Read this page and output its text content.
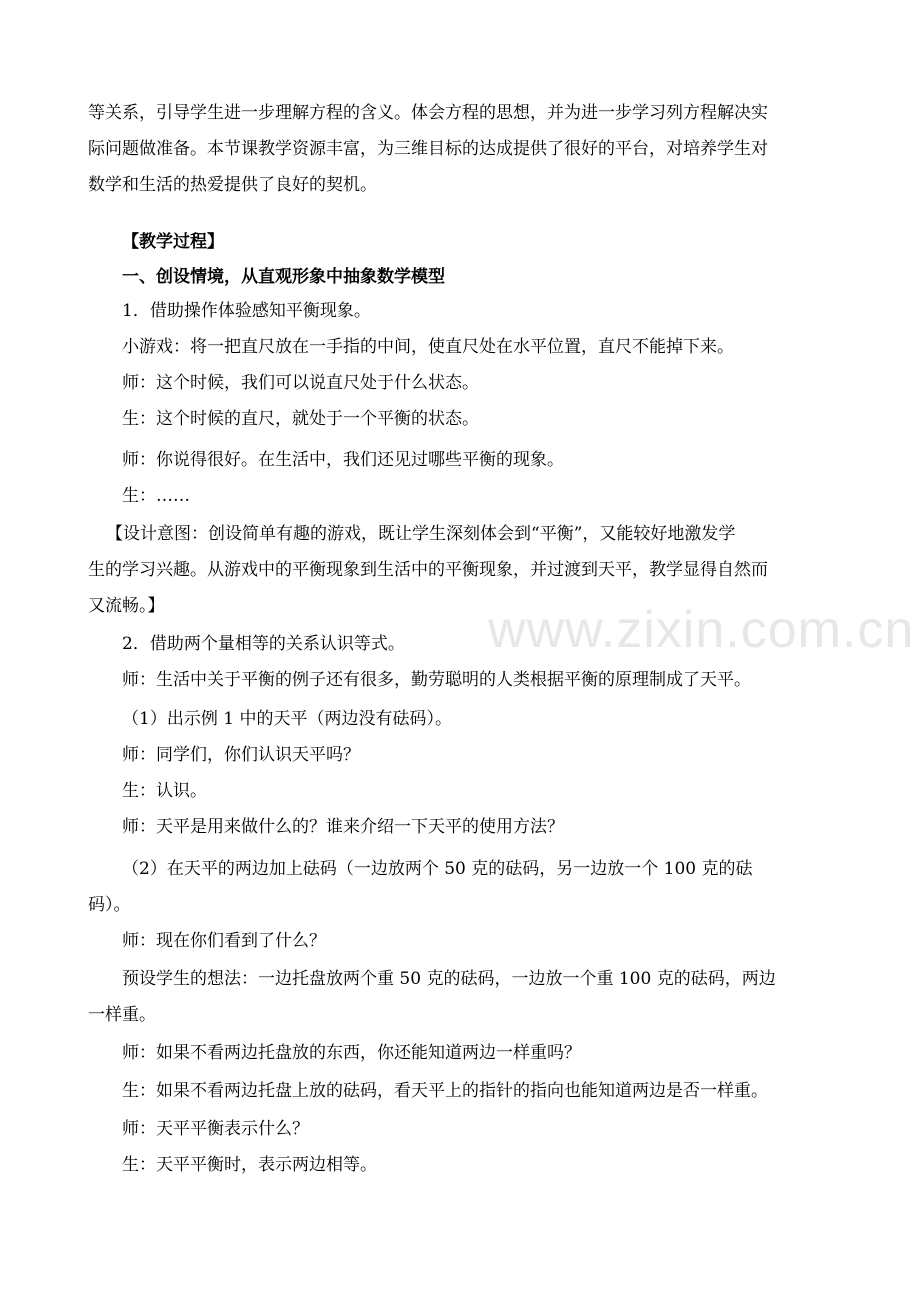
等关系，引导学生进一步理解方程的含义。体会方程的思想，并为进一步学习列方程解决实
际问题做准备。本节课教学资源丰富，为三维目标的达成提供了很好的平台，对培养学生对
数学和生活的热爱提供了良好的契机。
【教学过程】
一、创设情境，从直观形象中抽象数学模型
1．借助操作体验感知平衡现象。
小游戏：将一把直尺放在一手指的中间，使直尺处在水平位置，直尺不能掉下来。
师：这个时候，我们可以说直尺处于什么状态。
生：这个时候的直尺，就处于一个平衡的状态。
师：你说得很好。在生活中，我们还见过哪些平衡的现象。
生：……
【设计意图：创设简单有趣的游戏，既让学生深刻体会到“平衡”，又能较好地激发学
生的学习兴趣。从游戏中的平衡现象到生活中的平衡现象，并过渡到天平，教学显得自然而
又流畅。】
2．借助两个量相等的关系认识等式。
师：生活中关于平衡的例子还有很多，勤劳聪明的人类根据平衡的原理制成了天平。
（1）出示例 1 中的天平（两边没有砝码）。
师：同学们，你们认识天平吗？
生：认识。
师：天平是用来做什么的？谁来介绍一下天平的使用方法？
（2）在天平的两边加上砝码（一边放两个 50 克的砝码，另一边放一个 100 克的砝
码）。
师：现在你们看到了什么？
预设学生的想法：一边托盘放两个重 50 克的砝码，一边放一个重 100 克的砝码，两边
一样重。
师：如果不看两边托盘放的东西，你还能知道两边一样重吗？
生：如果不看两边托盘上放的砝码，看天平上的指针的指向也能知道两边是否一样重。
师：天平平衡表示什么？
生：天平平衡时，表示两边相等。
www.zixin.com.cn
